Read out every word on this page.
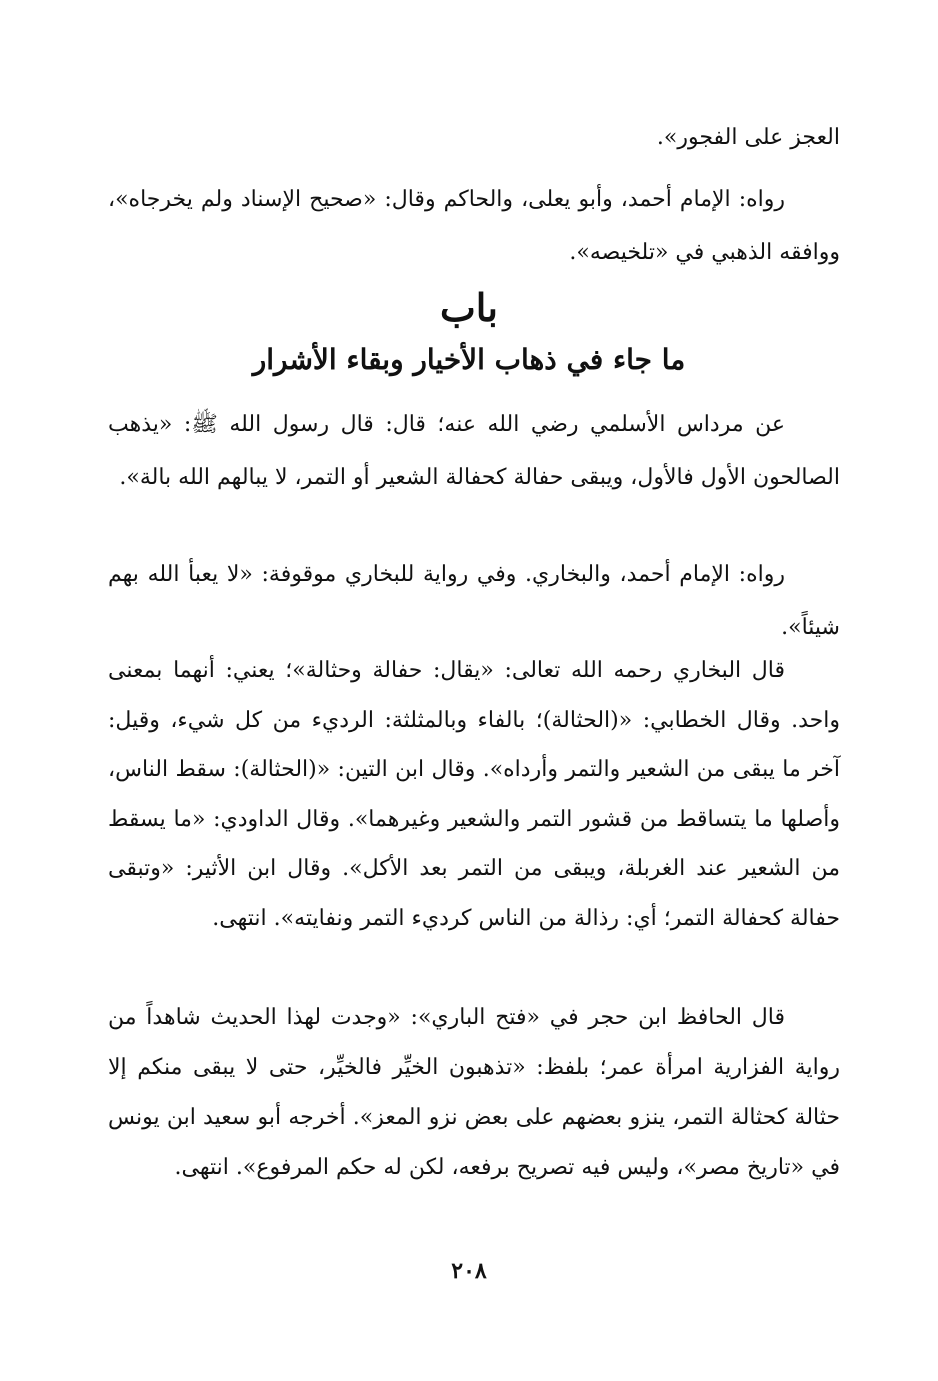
العجز على الفجور».

رواه: الإمام أحمد، وأبو يعلى، والحاكم وقال: «صحيح الإسناد ولم يخرجاه»، ووافقه الذهبي في «تلخيصه».

باب
ما جاء في ذهاب الأخيار وبقاء الأشرار

عن مرداس الأسلمي رضي الله عنه؛ قال: قال رسول الله ﷺ: «يذهب الصالحون الأول فالأول، ويبقى حفالة كحفالة الشعير أو التمر، لا يبالهم الله بالة».

رواه: الإمام أحمد، والبخاري. وفي رواية للبخاري موقوفة: «لا يعبأ الله بهم شيئاً».

قال البخاري رحمه الله تعالى: «يقال: حفالة وحثالة»؛ يعني: أنهما بمعنى واحد. وقال الخطابي: «(الحثالة)؛ بالفاء وبالمثلثة: الرديء من كل شيء، وقيل: آخر ما يبقى من الشعير والتمر وأرداه». وقال ابن التين: «(الحثالة): سقط الناس، وأصلها ما يتساقط من قشور التمر والشعير وغيرهما». وقال الداودي: «ما يسقط من الشعير عند الغربلة، ويبقى من التمر بعد الأكل». وقال ابن الأثير: «وتبقى حفالة كحفالة التمر؛ أي: رذالة من الناس كرديء التمر ونفايته». انتهى.

قال الحافظ ابن حجر في «فتح الباري»: «وجدت لهذا الحديث شاهداً من رواية الفزارية امرأة عمر؛ بلفظ: «تذهبون الخيِّر فالخيِّر، حتى لا يبقى منكم إلا حثالة كحثالة التمر، ينزو بعضهم على بعض نزو المعز». أخرجه أبو سعيد ابن يونس في «تاريخ مصر»، وليس فيه تصريح برفعه، لكن له حكم المرفوع». انتهى.

٢٠٨
